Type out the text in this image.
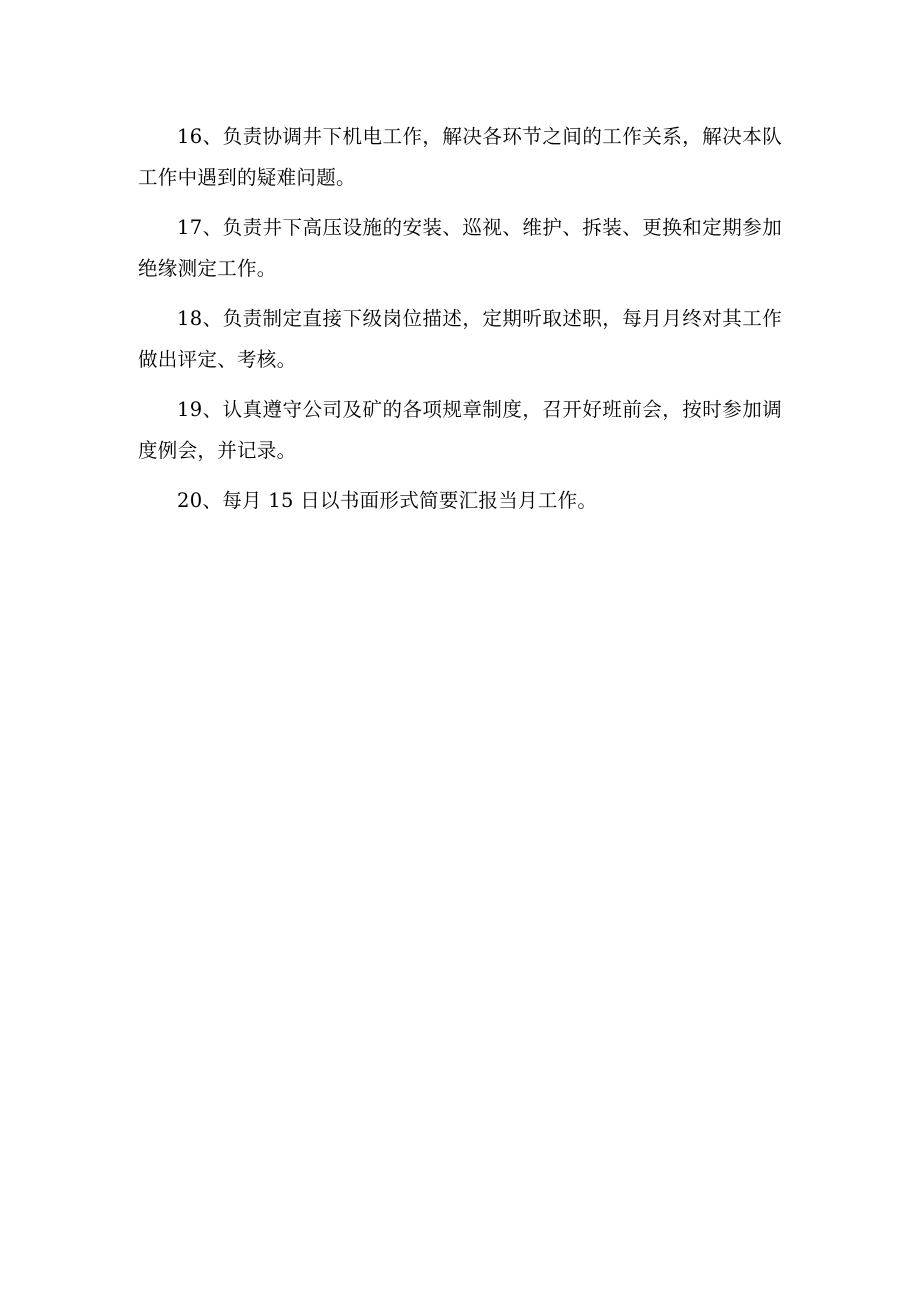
16、负责协调井下机电工作，解决各环节之间的工作关系，解决本队工作中遇到的疑难问题。

17、负责井下高压设施的安装、巡视、维护、拆装、更换和定期参加绝缘测定工作。

18、负责制定直接下级岗位描述，定期听取述职，每月月终对其工作做出评定、考核。

19、认真遵守公司及矿的各项规章制度，召开好班前会，按时参加调度例会，并记录。

20、每月 15 日以书面形式简要汇报当月工作。
